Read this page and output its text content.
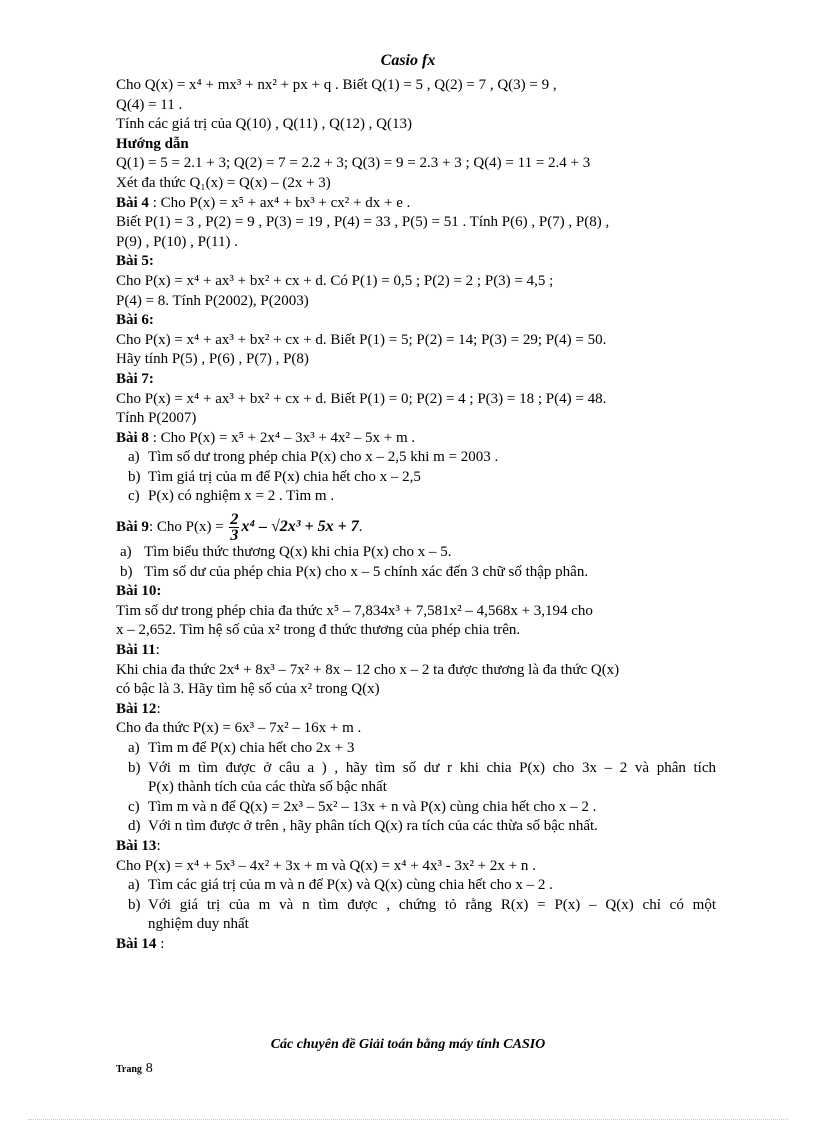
Casio fx
Cho Q(x) = x⁴ + mx³ + nx² + px + q . Biết Q(1) = 5 , Q(2) = 7 , Q(3) = 9 ,
Q(4) = 11 .
Tính các giá trị của Q(10) , Q(11) , Q(12) , Q(13)
Hướng dẫn
Q(1) = 5 = 2.1 + 3; Q(2) = 7 = 2.2 + 3; Q(3) = 9 = 2.3 + 3 ; Q(4) = 11 = 2.4 + 3
Xét đa thức Q₁(x) = Q(x) – (2x + 3)
Bài 4 : Cho P(x) = x⁵ + ax⁴ + bx³ + cx² + dx + e .
Biết P(1) = 3 , P(2) = 9 , P(3) = 19 , P(4) = 33 , P(5) = 51 . Tính P(6) , P(7) , P(8) ,
P(9) , P(10) , P(11) .
Bài 5:
Cho P(x) = x⁴ + ax³ + bx² + cx + d. Có P(1) = 0,5 ; P(2) = 2 ; P(3) = 4,5 ;
P(4) = 8. Tính P(2002), P(2003)
Bài 6:
Cho P(x) = x⁴ + ax³ + bx² + cx + d. Biết P(1) = 5; P(2) = 14; P(3) = 29; P(4) = 50.
Hãy tính P(5) , P(6) , P(7) , P(8)
Bài 7:
Cho P(x) = x⁴ + ax³ + bx² + cx + d. Biết P(1) = 0; P(2) = 4 ; P(3) = 18 ; P(4) = 48.
Tính P(2007)
Bài 8 : Cho P(x) = x⁵ + 2x⁴ – 3x³ + 4x² – 5x + m .
a) Tìm số dư trong phép chia P(x) cho x – 2,5 khi m = 2003 .
b) Tìm giá trị của m để P(x) chia hết cho x – 2,5
c) P(x) có nghiệm x = 2 . Tìm m .
Bài 9: Cho $P(x) = \frac{2}{3} x^4 - √2x^3 + 5x + 7$.
a) Tìm biểu thức thương Q(x) khi chia P(x) cho x – 5.
b) Tìm số dư của phép chia P(x) cho x – 5 chính xác đến 3 chữ số thập phân.
Bài 10:
Tìm số dư trong phép chia đa thức x⁵ – 7,834x³ + 7,581x² – 4,568x + 3,194 cho
x – 2,652. Tìm hệ số của x² trong đ thức thương của phép chia trên.
Bài 11:
Khi chia đa thức 2x⁴ + 8x³ – 7x² + 8x – 12 cho x – 2 ta được thương là đa thức Q(x)
có bậc là 3. Hãy tìm hệ số của x² trong Q(x)
Bài 12:
Cho đa thức P(x) = 6x³ – 7x² – 16x + m .
a) Tìm m để P(x) chia hết cho 2x + 3
b) Với m tìm được ở câu a ) , hãy tìm số dư r khi chia P(x) cho 3x – 2 và phân tích
P(x) thành tích của các thừa số bậc nhất
c) Tìm m và n để Q(x) = 2x³ – 5x² – 13x + n và P(x) cùng chia hết cho x – 2 .
d) Với n tìm được ở trên , hãy phân tích Q(x) ra tích của các thừa số bậc nhất.
Bài 13:
Cho P(x) = x⁴ + 5x³ – 4x² + 3x + m và Q(x) = x⁴ + 4x³ - 3x² + 2x + n .
a) Tìm các giá trị của m và n để P(x) và Q(x) cùng chia hết cho x – 2 .
b) Với giá trị của m và n tìm được , chứng tỏ rằng R(x) = P(x) – Q(x) chỉ có một
nghiệm duy nhất
Bài 14 :
Các chuyên đề Giải toán bằng máy tính CASIO
Trang 8
